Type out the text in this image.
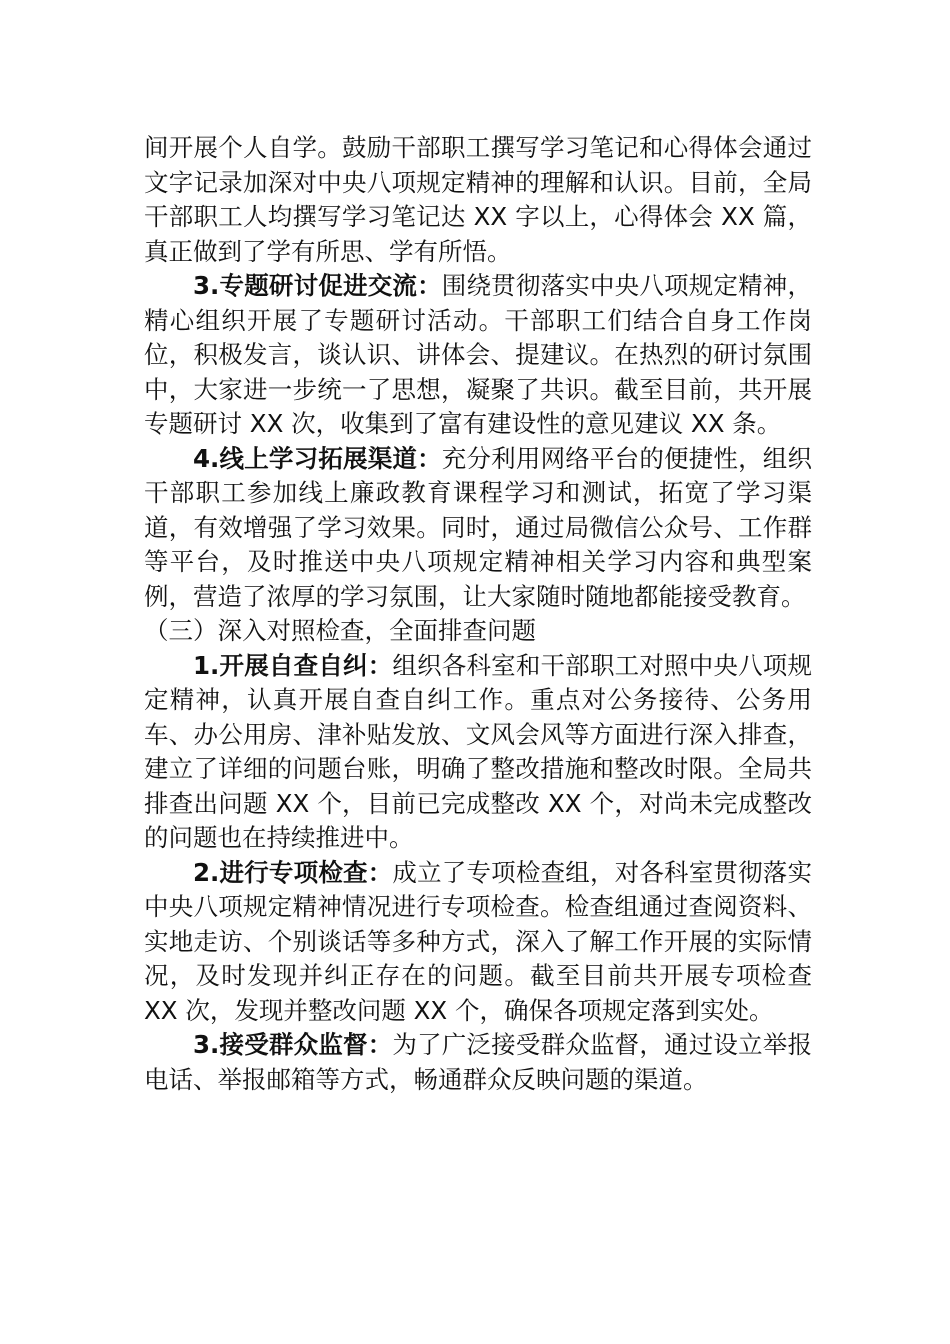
间开展个人自学。鼓励干部职工撰写学习笔记和心得体会通过文字记录加深对中央八项规定精神的理解和认识。目前，全局干部职工人均撰写学习笔记达 XX 字以上，心得体会 XX 篇，真正做到了学有所思、学有所悟。

3.专题研讨促进交流：围绕贯彻落实中央八项规定精神，精心组织开展了专题研讨活动。干部职工们结合自身工作岗位，积极发言，谈认识、讲体会、提建议。在热烈的研讨氛围中，大家进一步统一了思想，凝聚了共识。截至目前，共开展专题研讨 XX 次，收集到了富有建设性的意见建议 XX 条。

4.线上学习拓展渠道：充分利用网络平台的便捷性，组织干部职工参加线上廉政教育课程学习和测试，拓宽了学习渠道，有效增强了学习效果。同时，通过局微信公众号、工作群等平台，及时推送中央八项规定精神相关学习内容和典型案例，营造了浓厚的学习氛围，让大家随时随地都能接受教育。

（三）深入对照检查，全面排查问题

1.开展自查自纠：组织各科室和干部职工对照中央八项规定精神，认真开展自查自纠工作。重点对公务接待、公务用车、办公用房、津补贴发放、文风会风等方面进行深入排查，建立了详细的问题台账，明确了整改措施和整改时限。全局共排查出问题 XX 个，目前已完成整改 XX 个，对尚未完成整改的问题也在持续推进中。

2.进行专项检查：成立了专项检查组，对各科室贯彻落实中央八项规定精神情况进行专项检查。检查组通过查阅资料、实地走访、个别谈话等多种方式，深入了解工作开展的实际情况，及时发现并纠正存在的问题。截至目前共开展专项检查 XX 次，发现并整改问题 XX 个，确保各项规定落到实处。

3.接受群众监督：为了广泛接受群众监督，通过设立举报电话、举报邮箱等方式，畅通群众反映问题的渠道。
